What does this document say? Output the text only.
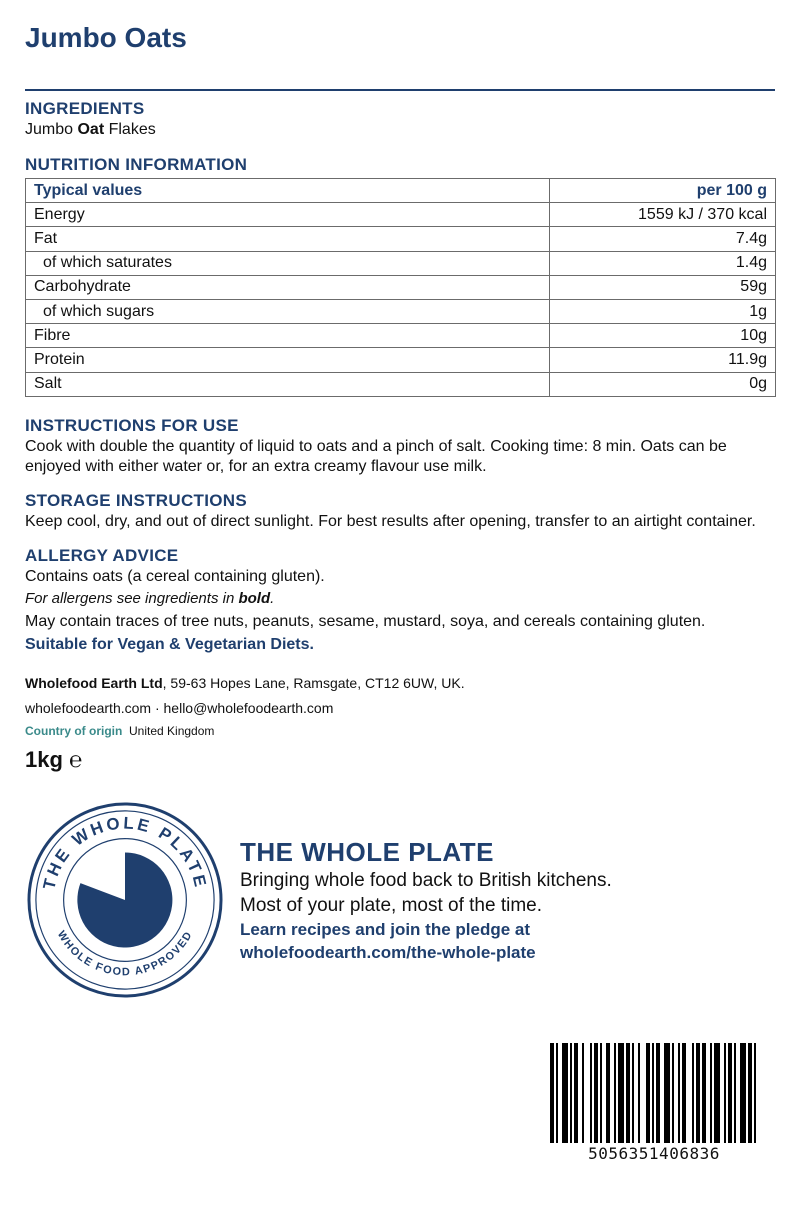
Jumbo Oats

INGREDIENTS

Jumbo Oat Flakes

NUTRITION INFORMATION

Typical values	per 100 g
Energy	1559 kJ / 370 kcal
Fat	7.4g
of which saturates	1.4g
Carbohydrate	59g
of which sugars	1g
Fibre	10g
Protein	11.9g
Salt	0g

INSTRUCTIONS FOR USE

Cook with double the quantity of liquid to oats and a pinch of salt. Cooking time: 8 min. Oats can be enjoyed with either water or, for an extra creamy flavour use milk.

STORAGE INSTRUCTIONS

Keep cool, dry, and out of direct sunlight. For best results after opening, transfer to an airtight container.

ALLERGY ADVICE

Contains oats (a cereal containing gluten).

For allergens see ingredients in bold.

May contain traces of tree nuts, peanuts, sesame, mustard, soya, and cereals containing gluten.

Suitable for Vegan & Vegetarian Diets.

Wholefood Earth Ltd, 59-63 Hopes Lane, Ramsgate, CT12 6UW, UK.
wholefoodearth.com · hello@wholefoodearth.com
Country of origin United Kingdom
1kg ℮
THE WHOLE PLATE
WHOLE FOOD APPROVED
THE WHOLE PLATE
Bringing whole food back to British kitchens.
Most of your plate, most of the time.
Learn recipes and join the pledge at
wholefoodearth.com/the-whole-plate
5056351406836
